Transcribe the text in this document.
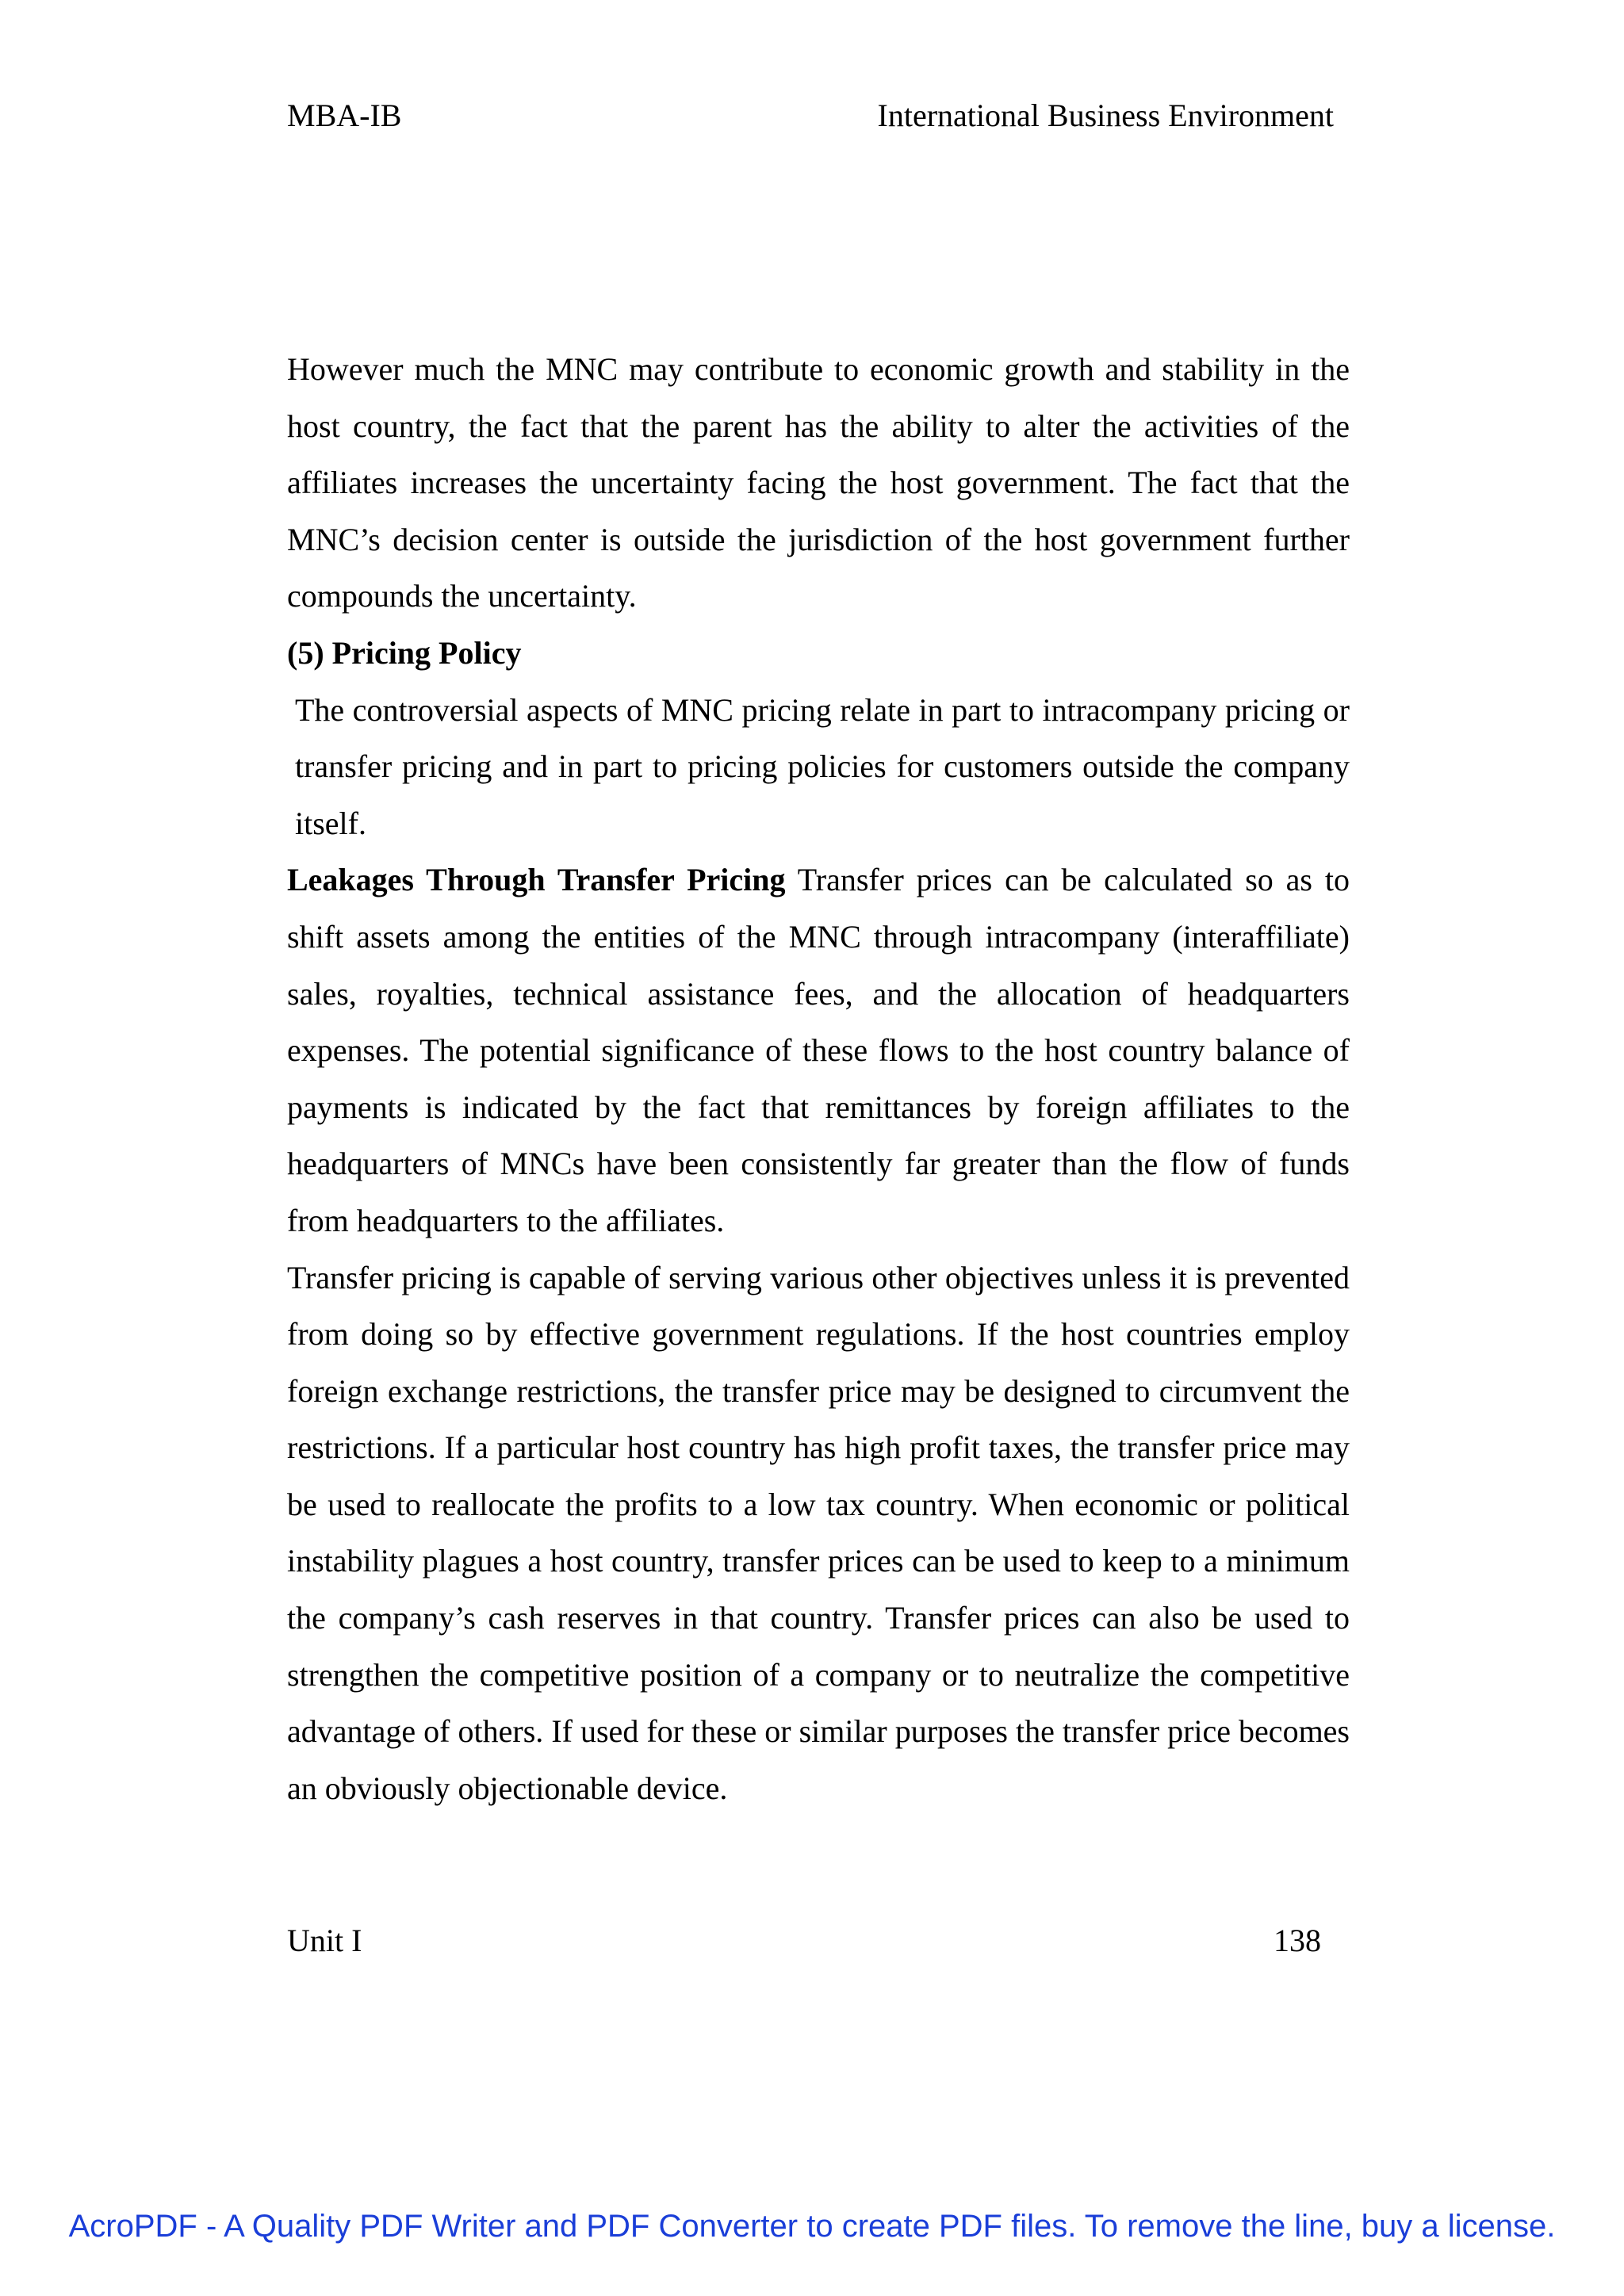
MBA-IB	International Business Environment

However much the MNC may contribute to economic growth and stability in the host country, the fact that the parent has the ability to alter the activities of the affiliates increases the uncertainty facing the host government. The fact that the MNC’s decision center is outside the jurisdiction of the host government further compounds the uncertainty.

(5) Pricing Policy

The controversial aspects of MNC pricing relate in part to intracompany pricing or transfer pricing and in part to pricing policies for customers outside the company itself.

Leakages Through Transfer Pricing Transfer prices can be calculated so as to shift assets among the entities of the MNC through intracompany (interaffiliate) sales, royalties, technical assistance fees, and the allocation of headquarters expenses. The potential significance of these flows to the host country balance of payments is indicated by the fact that remittances by foreign affiliates to the headquarters of MNCs have been consistently far greater than the flow of funds from headquarters to the affiliates.

Transfer pricing is capable of serving various other objectives unless it is prevented from doing so by effective government regulations. If the host countries employ foreign exchange restrictions, the transfer price may be designed to circumvent the restrictions. If a particular host country has high profit taxes, the transfer price may be used to reallocate the profits to a low tax country. When economic or political instability plagues a host country, transfer prices can be used to keep to a minimum the company’s cash reserves in that country. Transfer prices can also be used to strengthen the competitive position of a company or to neutralize the competitive advantage of others. If used for these or similar purposes the transfer price becomes an obviously objectionable device.

Unit I	138
AcroPDF - A Quality PDF Writer and PDF Converter to create PDF files. To remove the line, buy a license.
